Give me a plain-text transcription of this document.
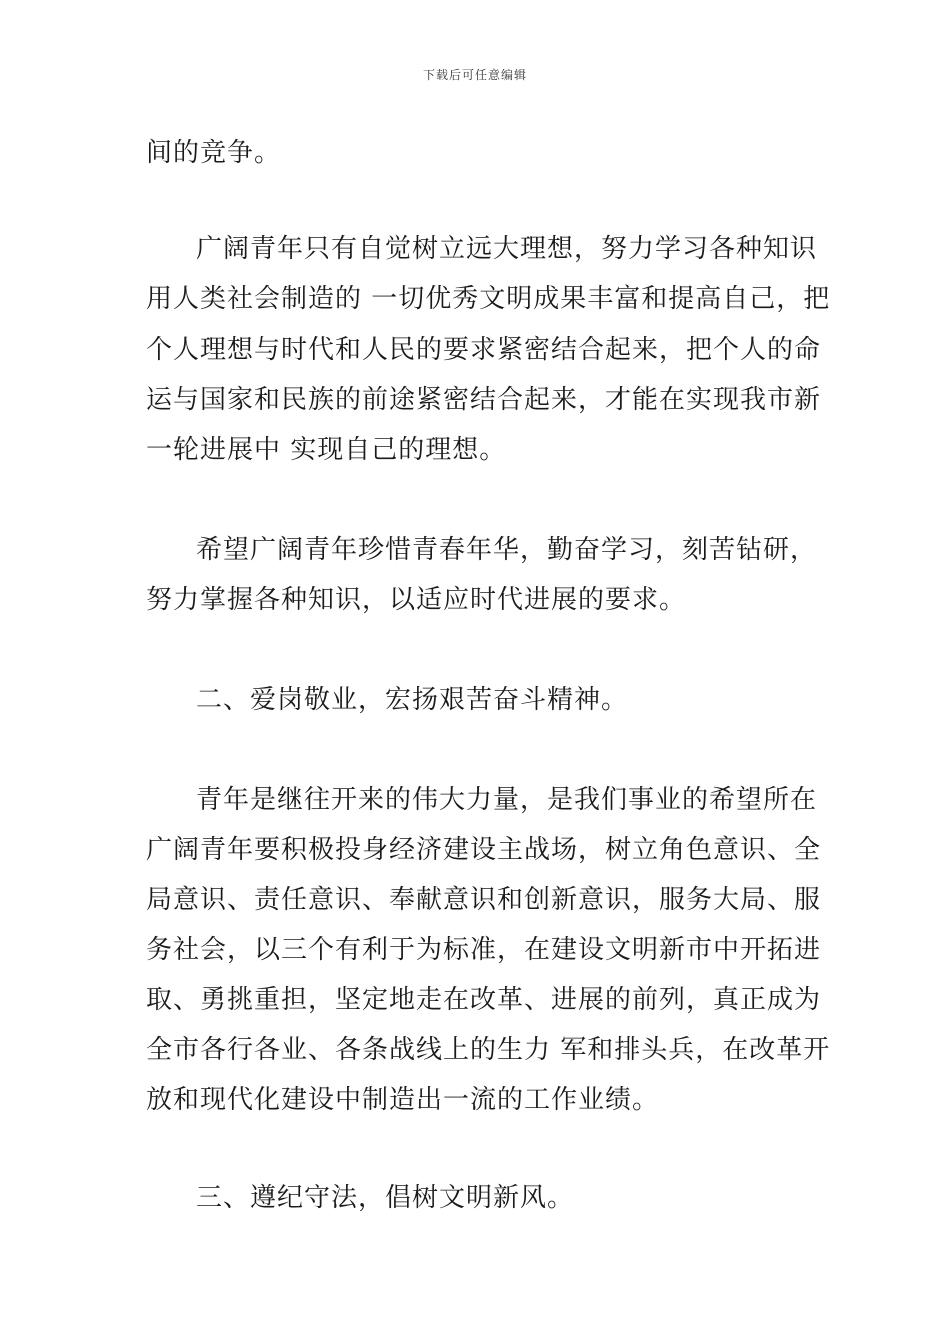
下载后可任意编辑
间的竞争。
广阔青年只有自觉树立远大理想，努力学习各种知识
用人类社会制造的 一切优秀文明成果丰富和提高自己，把
个人理想与时代和人民的要求紧密结合起来，把个人的命
运与国家和民族的前途紧密结合起来，才能在实现我市新
一轮进展中 实现自己的理想。
希望广阔青年珍惜青春年华，勤奋学习，刻苦钻研，
努力掌握各种知识，以适应时代进展的要求。
二、爱岗敬业，宏扬艰苦奋斗精神。
青年是继往开来的伟大力量，是我们事业的希望所在
广阔青年要积极投身经济建设主战场，树立角色意识、全
局意识、责任意识、奉献意识和创新意识，服务大局、服
务社会，以三个有利于为标准，在建设文明新市中开拓进
取、勇挑重担，坚定地走在改革、进展的前列，真正成为
全市各行各业、各条战线上的生力 军和排头兵，在改革开
放和现代化建设中制造出一流的工作业绩。
三、遵纪守法，倡树文明新风。
